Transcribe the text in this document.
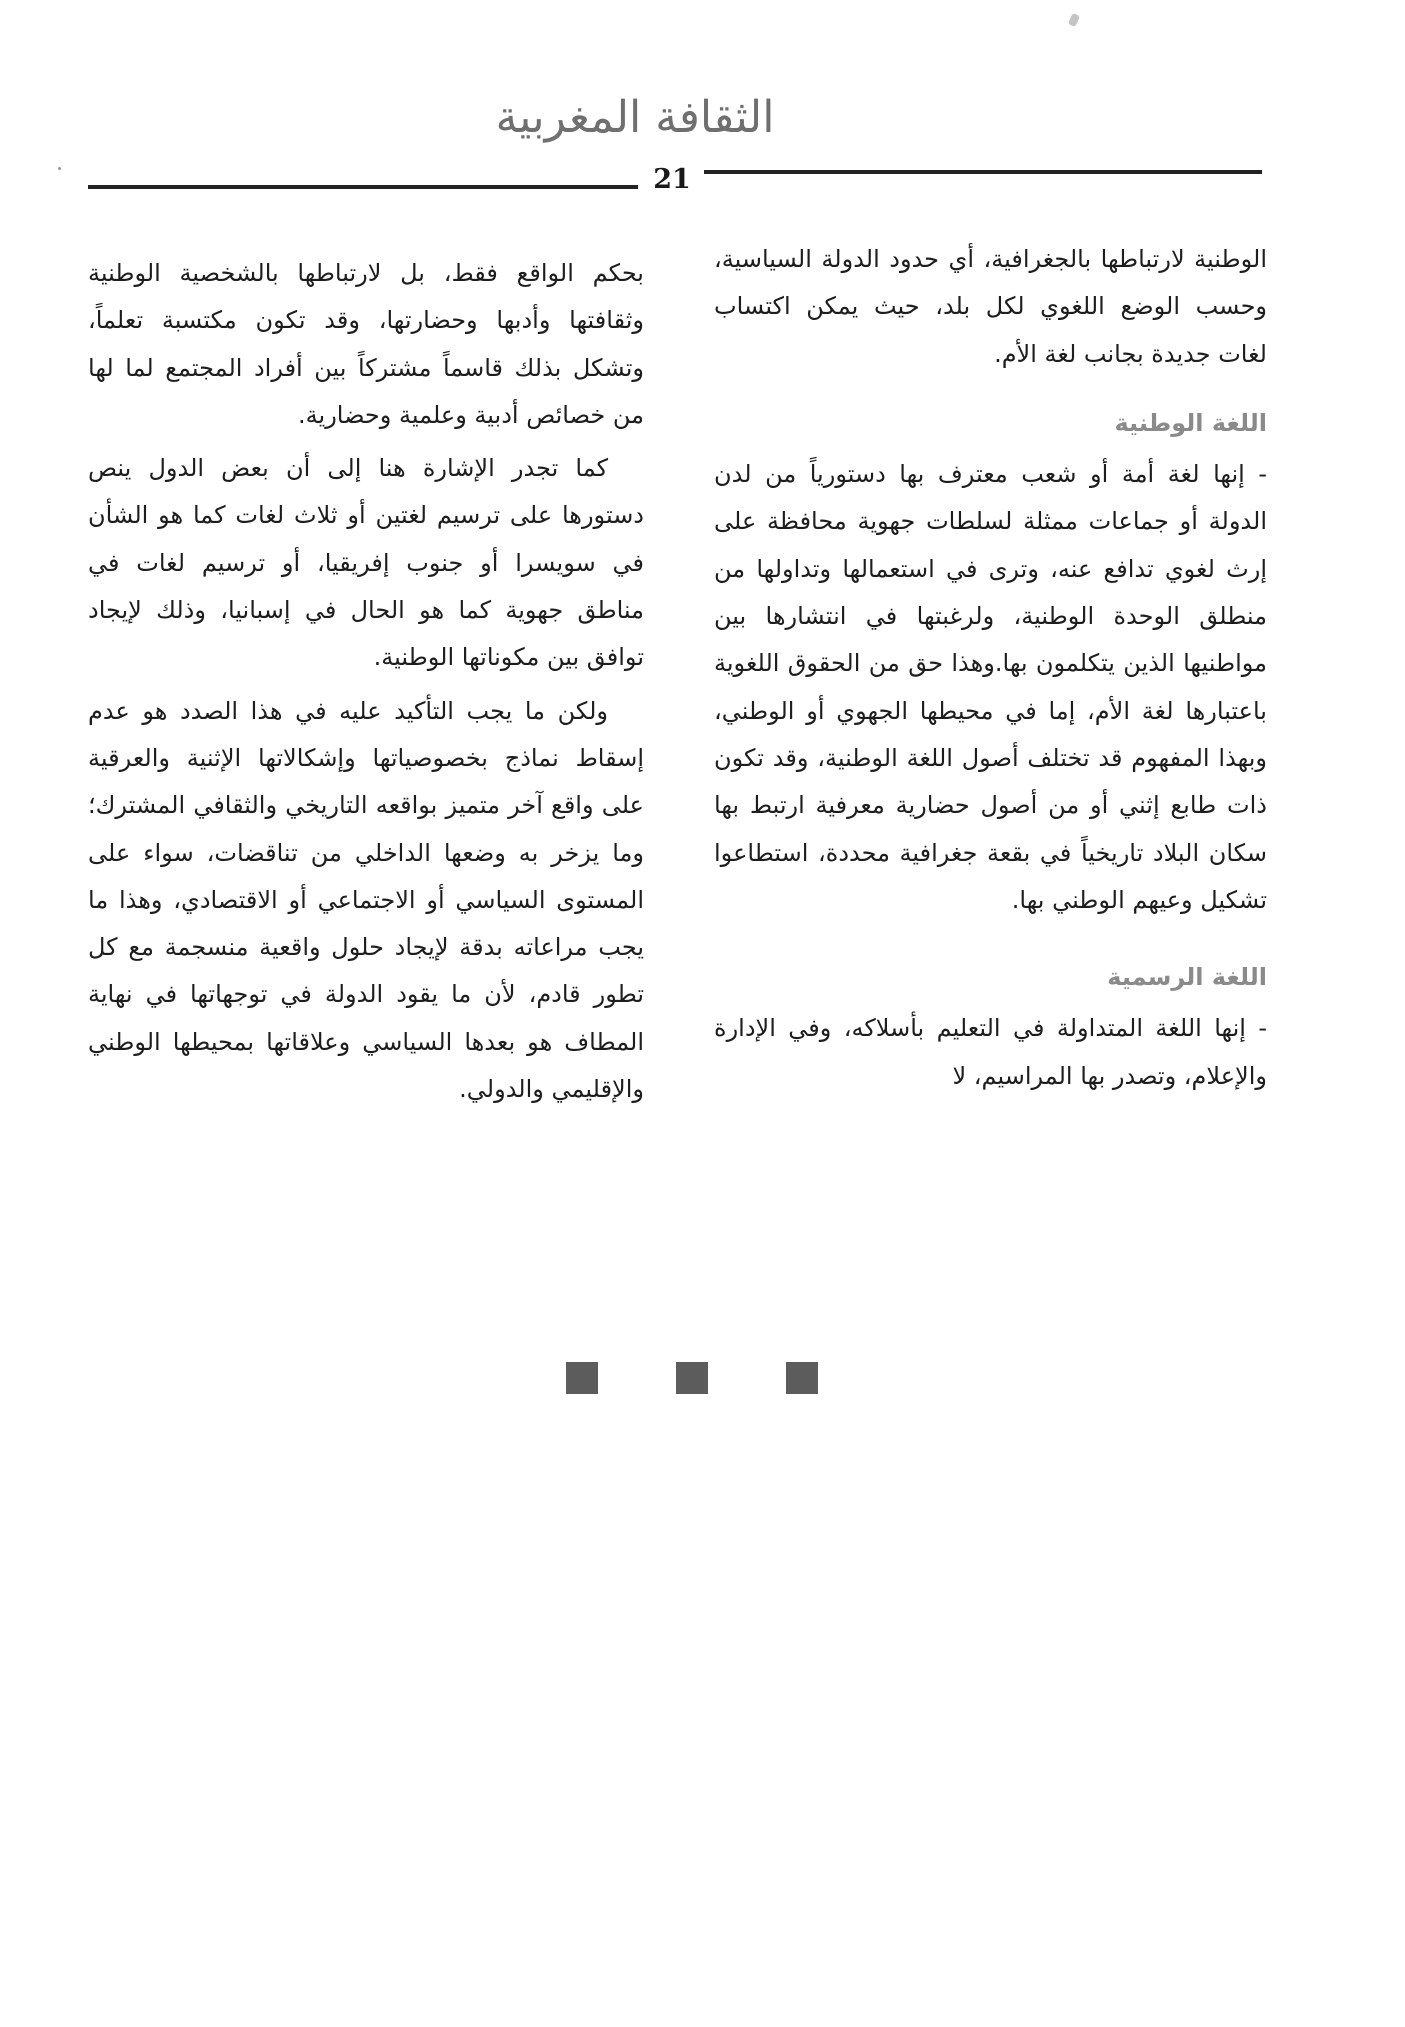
الثقافة المغربية
21

الوطنية لارتباطها بالجغرافية، أي حدود الدولة السياسية، وحسب الوضع اللغوي لكل بلد، حيث يمكن اكتساب لغات جديدة بجانب لغة الأم.

اللغة الوطنية

- إنها لغة أمة أو شعب معترف بها دستورياً من لدن الدولة أو جماعات ممثلة لسلطات جهوية محافظة على إرث لغوي تدافع عنه، وترى في استعمالها وتداولها من منطلق الوحدة الوطنية، ولرغبتها في انتشارها بين مواطنيها الذين يتكلمون بها.وهذا حق من الحقوق اللغوية باعتبارها لغة الأم، إما في محيطها الجهوي أو الوطني، وبهذا المفهوم قد تختلف أصول اللغة الوطنية، وقد تكون ذات طابع إثني أو من أصول حضارية معرفية ارتبط بها سكان البلاد تاريخياً في بقعة جغرافية محددة، استطاعوا تشكيل وعيهم الوطني بها.

اللغة الرسمية

- إنها اللغة المتداولة في التعليم بأسلاكه، وفي الإدارة والإعلام، وتصدر بها المراسيم، لا

بحكم الواقع فقط، بل لارتباطها بالشخصية الوطنية وثقافتها وأدبها وحضارتها، وقد تكون مكتسبة تعلماً، وتشكل بذلك قاسماً مشتركاً بين أفراد المجتمع لما لها من خصائص أدبية وعلمية وحضارية.

كما تجدر الإشارة هنا إلى أن بعض الدول ينص دستورها على ترسيم لغتين أو ثلاث لغات كما هو الشأن في سويسرا أو جنوب إفريقيا، أو ترسيم لغات في مناطق جهوية كما هو الحال في إسبانيا، وذلك لإيجاد توافق بين مكوناتها الوطنية.

ولكن ما يجب التأكيد عليه في هذا الصدد هو عدم إسقاط نماذج بخصوصياتها وإشكالاتها الإثنية والعرقية على واقع آخر متميز بواقعه التاريخي والثقافي المشترك؛ وما يزخر به وضعها الداخلي من تناقضات، سواء على المستوى السياسي أو الاجتماعي أو الاقتصادي، وهذا ما يجب مراعاته بدقة لإيجاد حلول واقعية منسجمة مع كل تطور قادم، لأن ما يقود الدولة في توجهاتها في نهاية المطاف هو بعدها السياسي وعلاقاتها بمحيطها الوطني والإقليمي والدولي.
